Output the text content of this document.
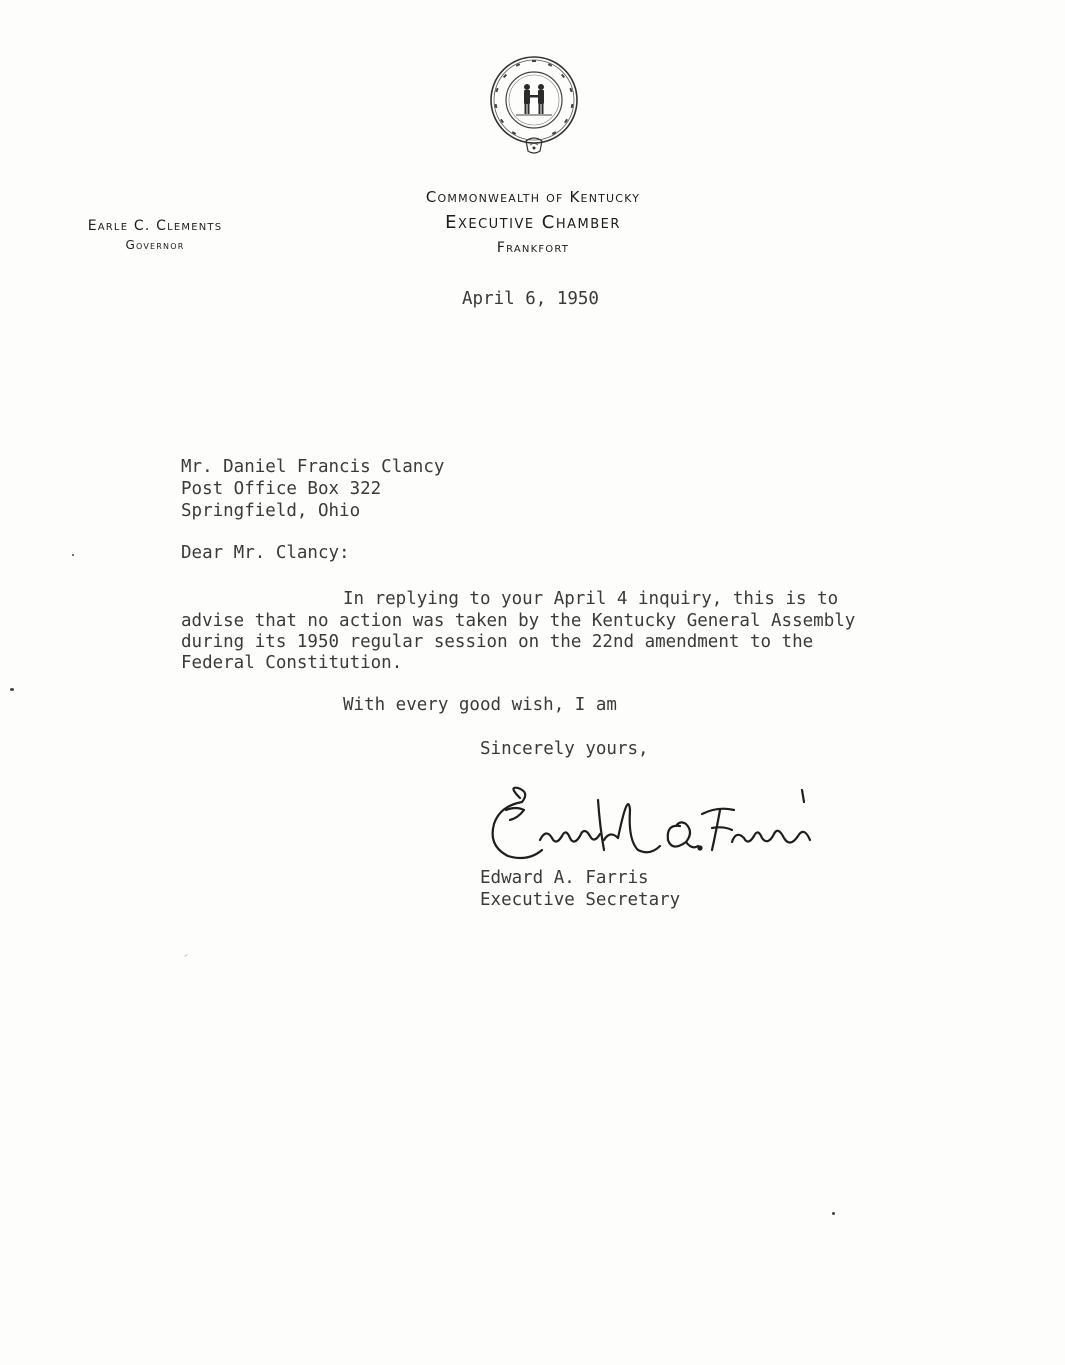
Commonwealth of Kentucky
Executive Chamber
Frankfort
Earle C. Clements
Governor
April 6, 1950
Mr. Daniel Francis Clancy
Post Office Box 322
Springfield, Ohio
Dear Mr. Clancy:
In replying to your April 4 inquiry, this is to
advise that no action was taken by the Kentucky General Assembly
during its 1950 regular session on the 22nd amendment to the
Federal Constitution.
With every good wish, I am
Sincerely yours,
Edward A. Farris
Executive Secretary
